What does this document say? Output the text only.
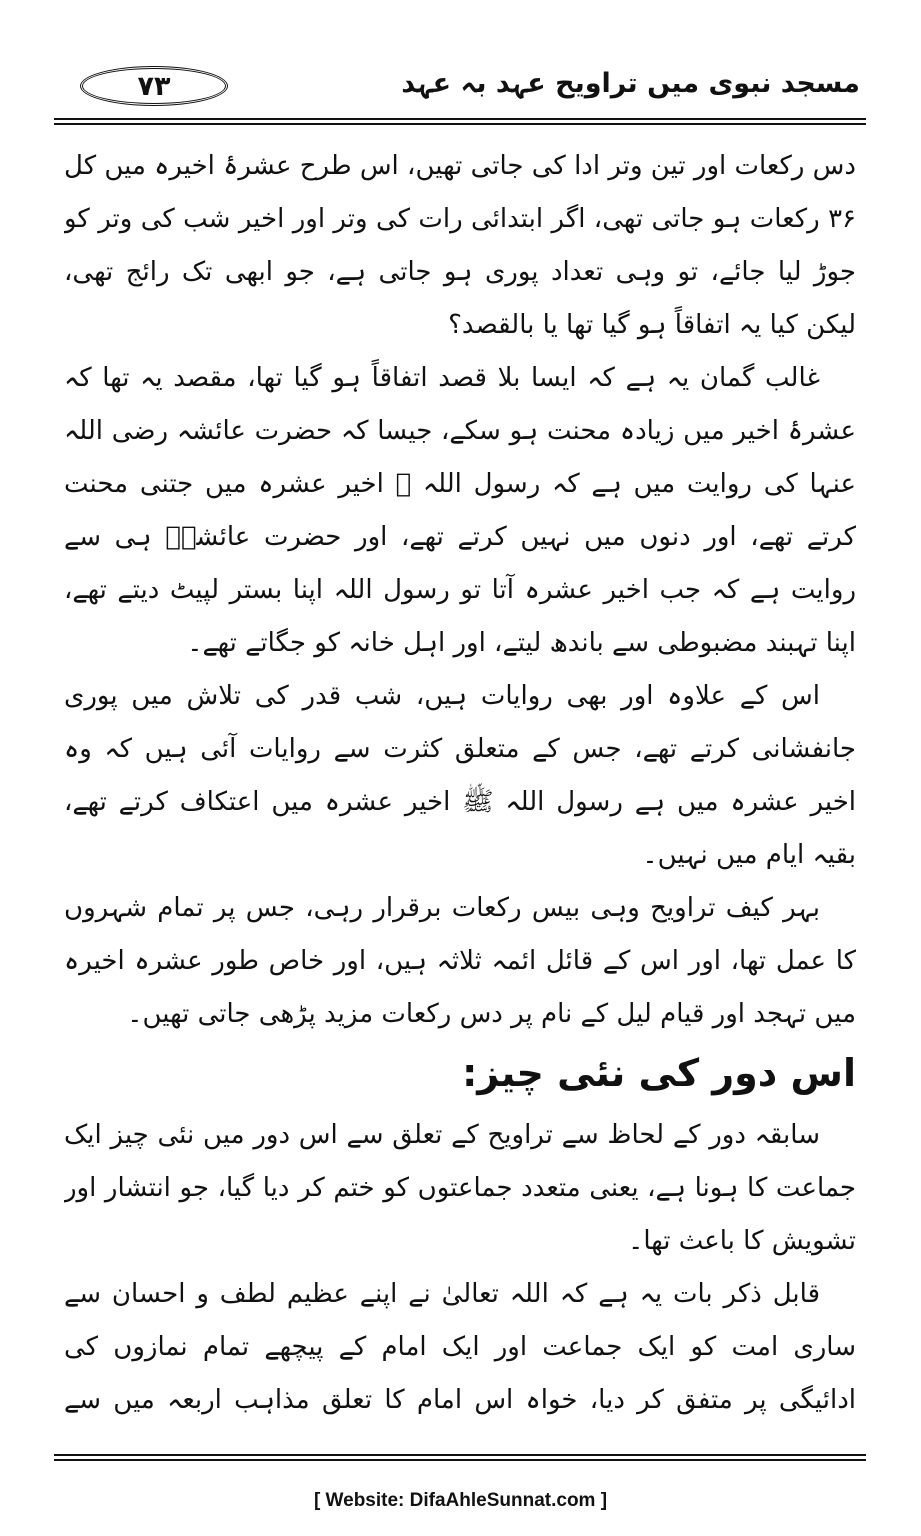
مسجد نبوی میں تراویح عہد بہ عہد
۷۳

دس رکعات اور تین وتر ادا کی جاتی تھیں، اس طرح عشرۂ اخیرہ میں کل ۳۶ رکعات ہو جاتی تھی، اگر ابتدائی رات کی وتر اور اخیر شب کی وتر کو جوڑ لیا جائے، تو وہی تعداد پوری ہو جاتی ہے، جو ابھی تک رائج تھی، لیکن کیا یہ اتفاقاً ہو گیا تھا یا بالقصد؟

غالب گمان یہ ہے کہ ایسا بلا قصد اتفاقاً ہو گیا تھا، مقصد یہ تھا کہ عشرۂ اخیر میں زیادہ محنت ہو سکے، جیسا کہ حضرت عائشہ رضی اللہ عنہا کی روایت میں ہے کہ رسول اللہ ﷺ اخیر عشرہ میں جتنی محنت کرتے تھے، اور دنوں میں نہیں کرتے تھے، اور حضرت عائشہؓ ہی سے روایت ہے کہ جب اخیر عشرہ آتا تو رسول اللہ اپنا بستر لپیٹ دیتے تھے، اپنا تہبند مضبوطی سے باندھ لیتے، اور اہل خانہ کو جگاتے تھے۔

اس کے علاوہ اور بھی روایات ہیں، شب قدر کی تلاش میں پوری جانفشانی کرتے تھے، جس کے متعلق کثرت سے روایات آئی ہیں کہ وہ اخیر عشرہ میں ہے رسول اللہ ﷺ اخیر عشرہ میں اعتکاف کرتے تھے، بقیہ ایام میں نہیں۔

بہر کیف تراویح وہی بیس رکعات برقرار رہی، جس پر تمام شہروں کا عمل تھا، اور اس کے قائل ائمہ ثلاثہ ہیں، اور خاص طور عشرہ اخیرہ میں تہجد اور قیام لیل کے نام پر دس رکعات مزید پڑھی جاتی تھیں۔

اس دور کی نئی چیز:

سابقہ دور کے لحاظ سے تراویح کے تعلق سے اس دور میں نئی چیز ایک جماعت کا ہونا ہے، یعنی متعدد جماعتوں کو ختم کر دیا گیا، جو انتشار اور تشویش کا باعث تھا۔

قابل ذکر بات یہ ہے کہ اللہ تعالیٰ نے اپنے عظیم لطف و احسان سے ساری امت کو ایک جماعت اور ایک امام کے پیچھے تمام نمازوں کی ادائیگی پر متفق کر دیا، خواہ اس امام کا تعلق مذاہب اربعہ میں سے

[ Website: DifaAhleSunnat.com ]
